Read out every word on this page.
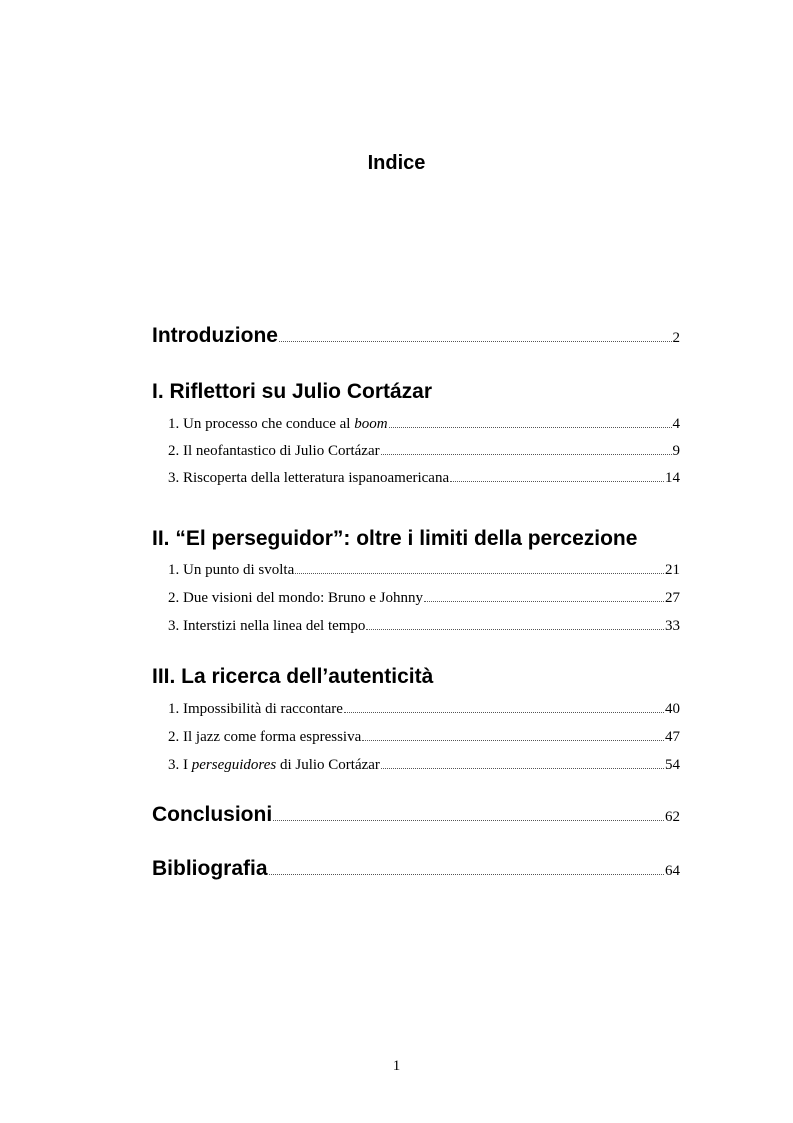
Indice
Introduzione	2
I. Riflettori su Julio Cortázar
1. Un processo che conduce al boom	4
2. Il neofantastico di Julio Cortázar	9
3. Riscoperta della letteratura ispanoamericana	14
II. “El perseguidor”: oltre i limiti della percezione
1. Un punto di svolta	21
2. Due visioni del mondo: Bruno e Johnny	27
3. Interstizi nella linea del tempo	33
III. La ricerca dell’autenticità
1. Impossibilità di raccontare	40
2. Il jazz come forma espressiva	47
3. I perseguidores di Julio Cortázar	54
Conclusioni	62
Bibliografia	64
1
